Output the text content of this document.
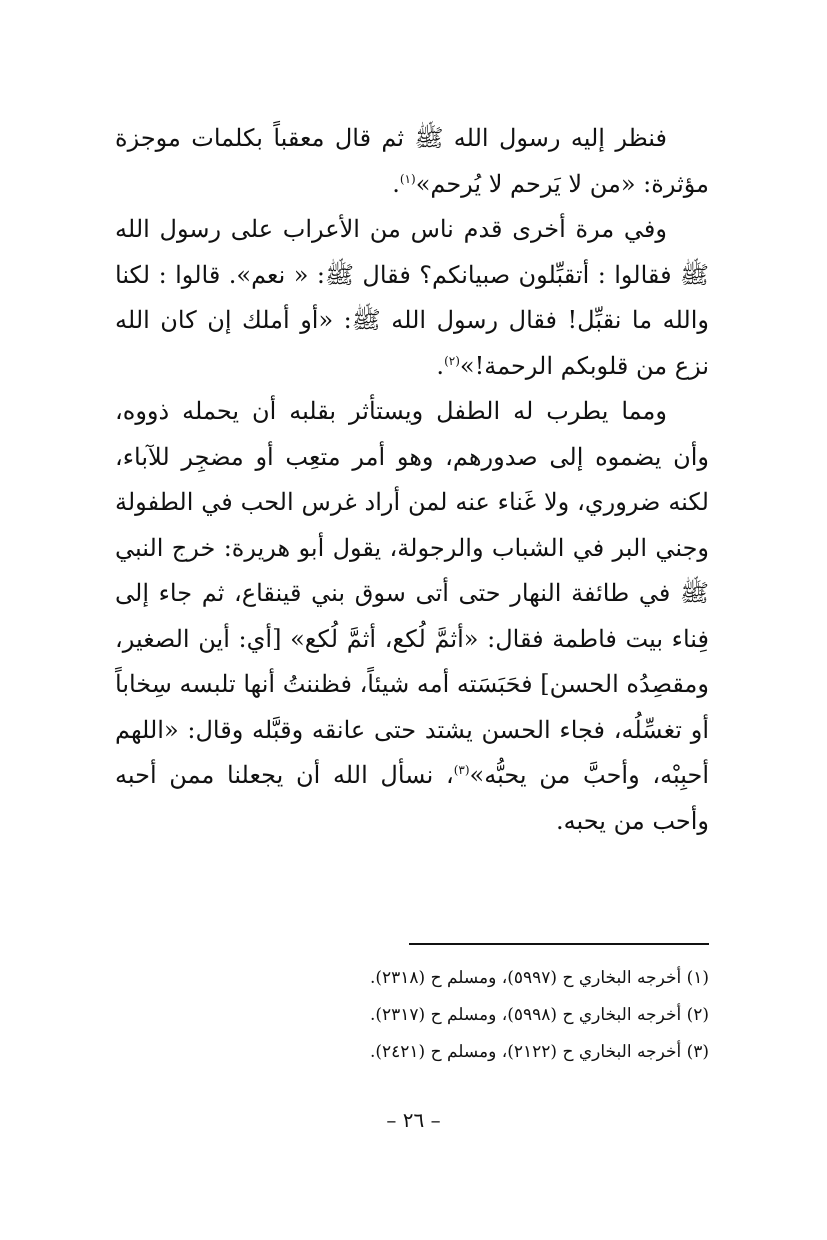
فنظر إليه رسول الله ﷺ ثم قال معقباً بكلمات موجزة مؤثرة: «من لا يَرحم لا يُرحم»$^{(١)}$.

وفي مرة أخرى قدم ناس من الأعراب على رسول الله ﷺ فقالوا : أتقبِّلون صبيانكم؟ فقال ﷺ: « نعم». قالوا : لكنا والله ما نقبِّل! فقال رسول الله ﷺ: «أو أملك إن كان الله نزع من قلوبكم الرحمة!»$^{(٢)}$.

ومما يطرب له الطفل ويستأثر بقلبه أن يحمله ذووه، وأن يضموه إلى صدورهم، وهو أمر متعِب أو مضجِر للآباء، لكنه ضروري، ولا غَناء عنه لمن أراد غرس الحب في الطفولة وجني البر في الشباب والرجولة، يقول أبو هريرة: خرج النبي ﷺ في طائفة النهار حتى أتى سوق بني قينقاع، ثم جاء إلى فِناء بيت فاطمة فقال: «أثمَّ لُكع، أثمَّ لُكع» [أي: أين الصغير، ومقصِدُه الحسن] فحَبَسَته أمه شيئاً، فظننتُ أنها تلبسه سِخاباً أو تغسِّلُه، فجاء الحسن يشتد حتى عانقه وقبَّله وقال: «اللهم أحبِبْه، وأحبَّ من يحبُّه»$^{(٣)}$، نسأل الله أن يجعلنا ممن أحبه وأحب من يحبه.

(١) أخرجه البخاري ح (٥٩٩٧)، ومسلم ح (٢٣١٨).
(٢) أخرجه البخاري ح (٥٩٩٨)، ومسلم ح (٢٣١٧).
(٣) أخرجه البخاري ح (٢١٢٢)، ومسلم ح (٢٤٢١).
– ٢٦ –
